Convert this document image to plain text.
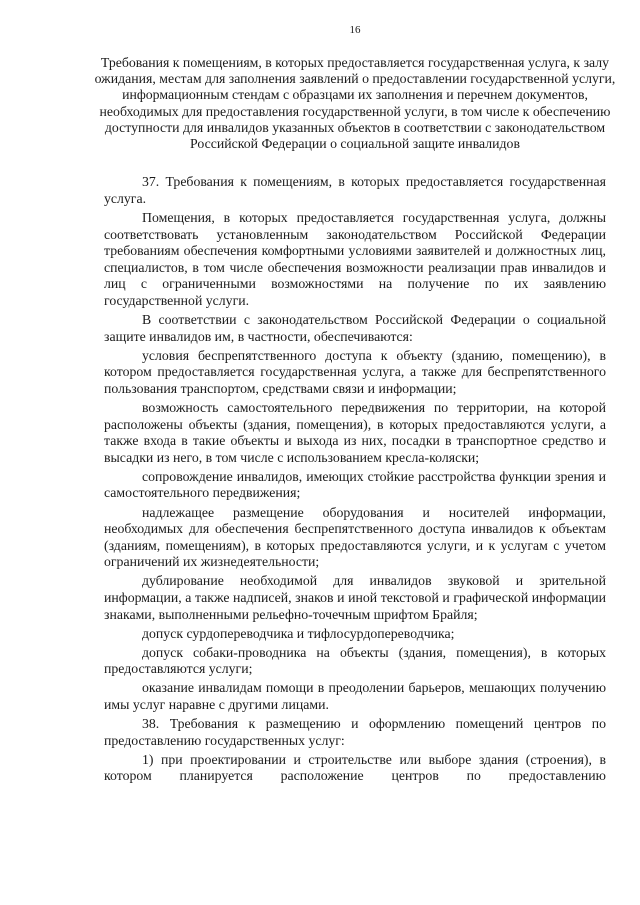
16
Требования к помещениям, в которых предоставляется государственная услуга, к залу ожидания, местам для заполнения заявлений о предоставлении государственной услуги, информационным стендам с образцами их заполнения и перечнем документов, необходимых для предоставления государственной услуги, в том числе к обеспечению доступности для инвалидов указанных объектов в соответствии с законодательством Российской Федерации о социальной защите инвалидов

37. Требования к помещениям, в которых предоставляется государственная услуга.

Помещения, в которых предоставляется государственная услуга, должны соответствовать установленным законодательством Российской Федерации требованиям обеспечения комфортными условиями заявителей и должностных лиц, специалистов, в том числе обеспечения возможности реализации прав инвалидов и лиц с ограниченными возможностями на получение по их заявлению государственной услуги.

В соответствии с законодательством Российской Федерации о социальной защите инвалидов им, в частности, обеспечиваются:

условия беспрепятственного доступа к объекту (зданию, помещению), в котором предоставляется государственная услуга, а также для беспрепятственного пользования транспортом, средствами связи и информации;

возможность самостоятельного передвижения по территории, на которой расположены объекты (здания, помещения), в которых предоставляются услуги, а также входа в такие объекты и выхода из них, посадки в транспортное средство и высадки из него, в том числе с использованием кресла-коляски;

сопровождение инвалидов, имеющих стойкие расстройства функции зрения и самостоятельного передвижения;

надлежащее размещение оборудования и носителей информации, необходимых для обеспечения беспрепятственного доступа инвалидов к объектам (зданиям, помещениям), в которых предоставляются услуги, и к услугам с учетом ограничений их жизнедеятельности;

дублирование необходимой для инвалидов звуковой и зрительной информации, а также надписей, знаков и иной текстовой и графической информации знаками, выполненными рельефно-точечным шрифтом Брайля;

допуск сурдопереводчика и тифлосурдопереводчика;

допуск собаки-проводника на объекты (здания, помещения), в которых предоставляются услуги;

оказание инвалидам помощи в преодолении барьеров, мешающих получению имы услуг наравне с другими лицами.

38. Требования к размещению и оформлению помещений центров по предоставлению государственных услуг:

1) при проектировании и строительстве или выборе здания (строения), в котором планируется расположение центров по предоставлению
